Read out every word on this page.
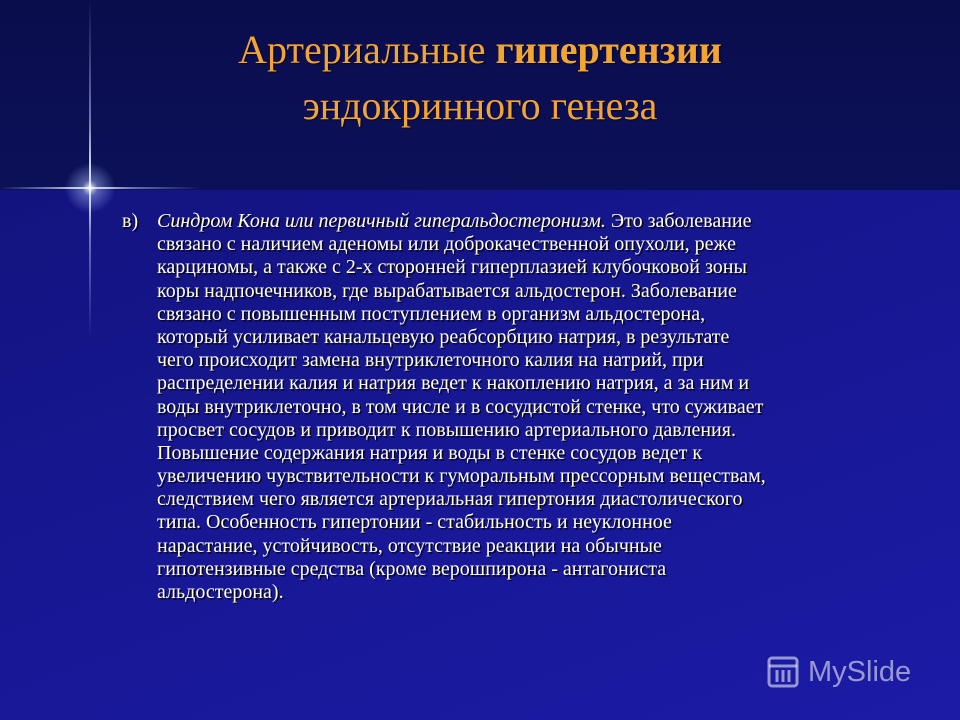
Артериальные гипертензии
эндокринного генеза
в) Синдром Кона или первичный гиперальдостеронизм. Это заболевание
связано с наличием аденомы или доброкачественной опухоли, реже
карциномы, а также с 2-х сторонней гиперплазией клубочковой зоны
коры надпочечников, где вырабатывается альдостерон. Заболевание
связано с повышенным поступлением в организм альдостерона,
который усиливает канальцевую реабсорбцию натрия, в результате
чего происходит замена внутриклеточного калия на натрий, при
распределении калия и натрия ведет к накоплению натрия, а за ним и
воды внутриклеточно, в том числе и в сосудистой стенке, что суживает
просвет сосудов и приводит к повышению артериального давления.
Повышение содержания натрия и воды в стенке сосудов ведет к
увеличению чувствительности к гуморальным прессорным веществам,
следствием чего является артериальная гипертония диастолического
типа. Особенность гипертонии - стабильность и неуклонное
нарастание, устойчивость, отсутствие реакции на обычные
гипотензивные средства (кроме верошпирона - антагониста
альдостерона).
MySlide
